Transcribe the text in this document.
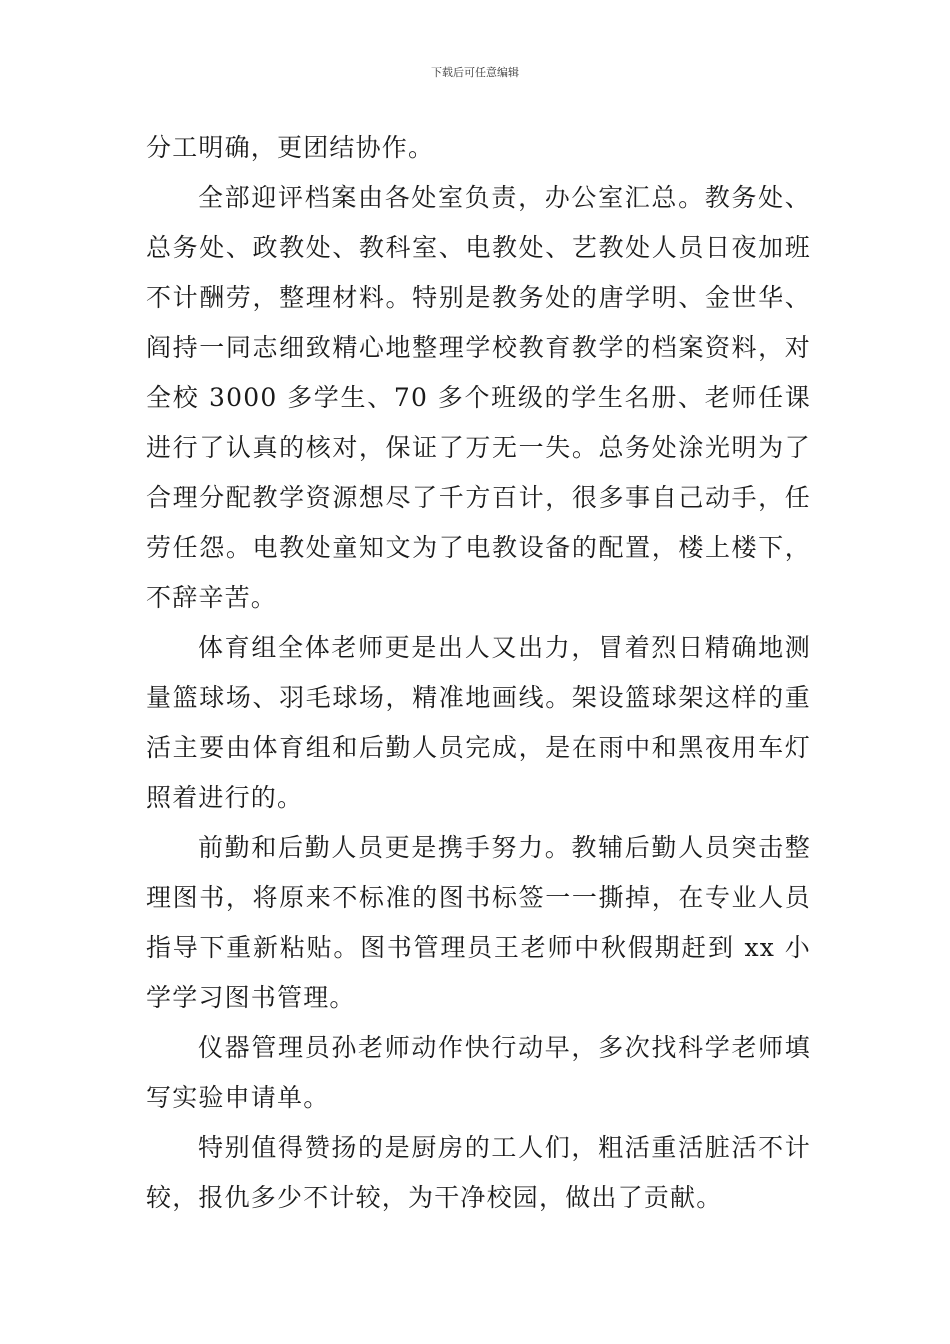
下载后可任意编辑

分工明确，更团结协作。

全部迎评档案由各处室负责，办公室汇总。教务处、总务处、政教处、教科室、电教处、艺教处人员日夜加班不计酬劳，整理材料。特别是教务处的唐学明、金世华、阎持一同志细致精心地整理学校教育教学的档案资料，对全校 3000 多学生、70 多个班级的学生名册、老师任课进行了认真的核对，保证了万无一失。总务处涂光明为了合理分配教学资源想尽了千方百计，很多事自己动手，任劳任怨。电教处童知文为了电教设备的配置，楼上楼下，不辞辛苦。

体育组全体老师更是出人又出力，冒着烈日精确地测量篮球场、羽毛球场，精准地画线。架设篮球架这样的重活主要由体育组和后勤人员完成，是在雨中和黑夜用车灯照着进行的。

前勤和后勤人员更是携手努力。教辅后勤人员突击整理图书，将原来不标准的图书标签一一撕掉，在专业人员指导下重新粘贴。图书管理员王老师中秋假期赶到 xx 小学学习图书管理。

仪器管理员孙老师动作快行动早，多次找科学老师填写实验申请单。

特别值得赞扬的是厨房的工人们，粗活重活脏活不计较，报仇多少不计较，为干净校园，做出了贡献。
